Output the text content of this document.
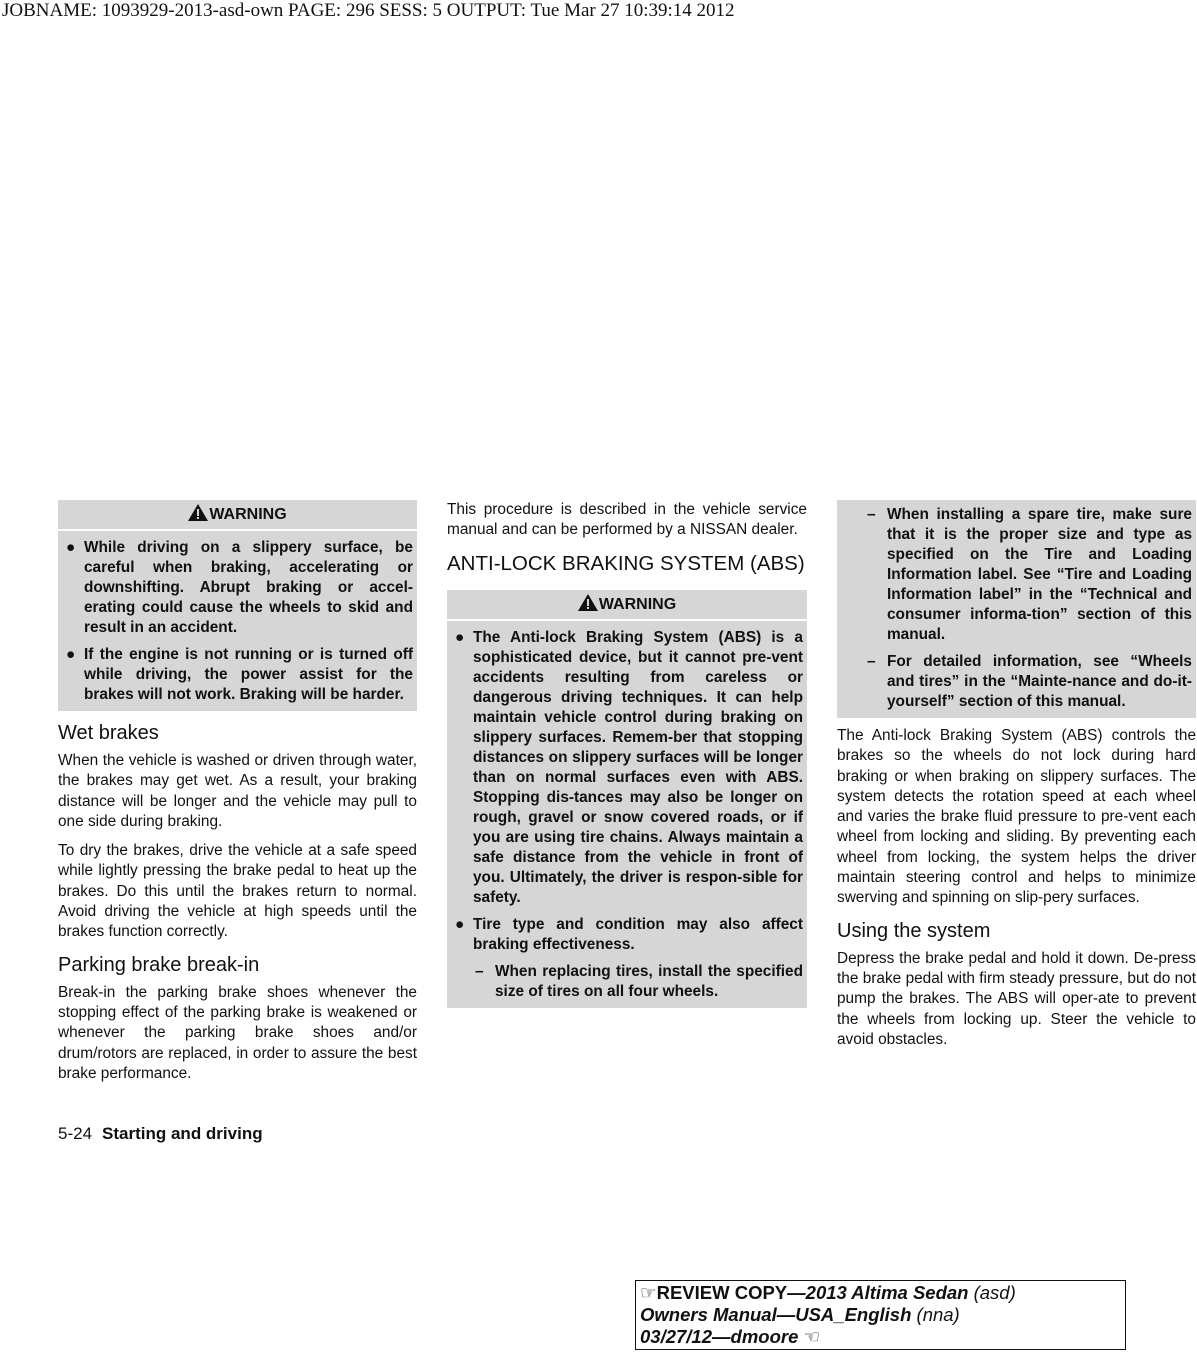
JOBNAME: 1093929-2013-asd-own PAGE: 296 SESS: 5 OUTPUT: Tue Mar 27 10:39:14 2012
WARNING
● While driving on a slippery surface, be careful when braking, accelerating or downshifting. Abrupt braking or accel-erating could cause the wheels to skid and result in an accident.
● If the engine is not running or is turned off while driving, the power assist for the brakes will not work. Braking will be harder.
Wet brakes

When the vehicle is washed or driven through water, the brakes may get wet. As a result, your braking distance will be longer and the vehicle may pull to one side during braking.

To dry the brakes, drive the vehicle at a safe speed while lightly pressing the brake pedal to heat up the brakes. Do this until the brakes return to normal. Avoid driving the vehicle at high speeds until the brakes function correctly.

Parking brake break-in

Break-in the parking brake shoes whenever the stopping effect of the parking brake is weakened or whenever the parking brake shoes and/or drum/rotors are replaced, in order to assure the best brake performance.

This procedure is described in the vehicle service manual and can be performed by a NISSAN dealer.

ANTI-LOCK BRAKING SYSTEM (ABS)
WARNING
● The Anti-lock Braking System (ABS) is a sophisticated device, but it cannot pre-vent accidents resulting from careless or dangerous driving techniques. It can help maintain vehicle control during braking on slippery surfaces. Remem-ber that stopping distances on slippery surfaces will be longer than on normal surfaces even with ABS. Stopping dis-tances may also be longer on rough, gravel or snow covered roads, or if you are using tire chains. Always maintain a safe distance from the vehicle in front of you. Ultimately, the driver is respon-sible for safety.
● Tire type and condition may also affect braking effectiveness.
– When replacing tires, install the specified size of tires on all four wheels.
– When installing a spare tire, make sure that it is the proper size and type as specified on the Tire and Loading Information label. See “Tire and Loading Information label” in the “Technical and consumer informa-tion” section of this manual.
– For detailed information, see “Wheels and tires” in the “Mainte-nance and do-it-yourself” section of this manual.

The Anti-lock Braking System (ABS) controls the brakes so the wheels do not lock during hard braking or when braking on slippery surfaces. The system detects the rotation speed at each wheel and varies the brake fluid pressure to pre-vent each wheel from locking and sliding. By preventing each wheel from locking, the system helps the driver maintain steering control and helps to minimize swerving and spinning on slip-pery surfaces.

Using the system

Depress the brake pedal and hold it down. De-press the brake pedal with firm steady pressure, but do not pump the brakes. The ABS will oper-ate to prevent the wheels from locking up. Steer the vehicle to avoid obstacles.

5-24 Starting and driving
☞REVIEW COPY—2013 Altima Sedan (asd)
Owners Manual—USA_English (nna)
03/27/12—dmoore ☜
